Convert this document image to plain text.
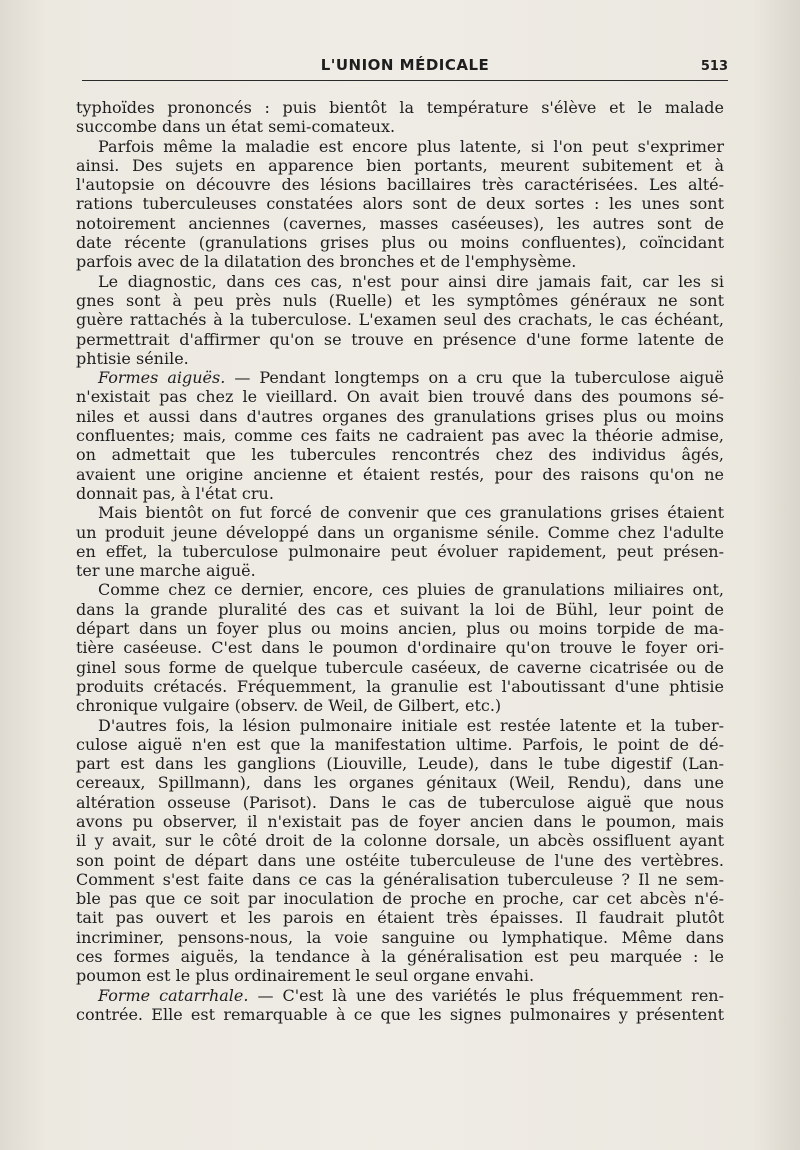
L'UNION MÉDICALE	513
typhoïdes prononcés : puis bientôt la température s'élève et le malade
succombe dans un état semi-comateux.
Parfois même la maladie est encore plus latente, si l'on peut s'exprimer
ainsi. Des sujets en apparence bien portants, meurent subitement et à
l'autopsie on découvre des lésions bacillaires très caractérisées. Les alté-
rations tuberculeuses constatées alors sont de deux sortes : les unes sont
notoirement anciennes (cavernes, masses caséeuses), les autres sont de
date récente (granulations grises plus ou moins confluentes), coïncidant
parfois avec de la dilatation des bronches et de l'emphysème.
Le diagnostic, dans ces cas, n'est pour ainsi dire jamais fait, car les si
gnes sont à peu près nuls (Ruelle) et les symptômes généraux ne sont
guère rattachés à la tuberculose. L'examen seul des crachats, le cas échéant,
permettrait d'affirmer qu'on se trouve en présence d'une forme latente de
phtisie sénile.
Formes aiguës. — Pendant longtemps on a cru que la tuberculose aiguë
n'existait pas chez le vieillard. On avait bien trouvé dans des poumons sé-
niles et aussi dans d'autres organes des granulations grises plus ou moins
confluentes; mais, comme ces faits ne cadraient pas avec la théorie admise,
on admettait que les tubercules rencontrés chez des individus âgés,
avaient une origine ancienne et étaient restés, pour des raisons qu'on ne
donnait pas, à l'état cru.
Mais bientôt on fut forcé de convenir que ces granulations grises étaient
un produit jeune développé dans un organisme sénile. Comme chez l'adulte
en effet, la tuberculose pulmonaire peut évoluer rapidement, peut présen-
ter une marche aiguë.
Comme chez ce dernier, encore, ces pluies de granulations miliaires ont,
dans la grande pluralité des cas et suivant la loi de Bühl, leur point de
départ dans un foyer plus ou moins ancien, plus ou moins torpide de ma-
tière caséeuse. C'est dans le poumon d'ordinaire qu'on trouve le foyer ori-
ginel sous forme de quelque tubercule caséeux, de caverne cicatrisée ou de
produits crétacés. Fréquemment, la granulie est l'aboutissant d'une phtisie
chronique vulgaire (observ. de Weil, de Gilbert, etc.)
D'autres fois, la lésion pulmonaire initiale est restée latente et la tuber-
culose aiguë n'en est que la manifestation ultime. Parfois, le point de dé-
part est dans les ganglions (Liouville, Leude), dans le tube digestif (Lan-
cereaux, Spillmann), dans les organes génitaux (Weil, Rendu), dans une
altération osseuse (Parisot). Dans le cas de tuberculose aiguë que nous
avons pu observer, il n'existait pas de foyer ancien dans le poumon, mais
il y avait, sur le côté droit de la colonne dorsale, un abcès ossifluent ayant
son point de départ dans une ostéite tuberculeuse de l'une des vertèbres.
Comment s'est faite dans ce cas la généralisation tuberculeuse ? Il ne sem-
ble pas que ce soit par inoculation de proche en proche, car cet abcès n'é-
tait pas ouvert et les parois en étaient très épaisses. Il faudrait plutôt
incriminer, pensons-nous, la voie sanguine ou lymphatique. Même dans
ces formes aiguës, la tendance à la généralisation est peu marquée : le
poumon est le plus ordinairement le seul organe envahi.
Forme catarrhale. — C'est là une des variétés le plus fréquemment ren-
contrée. Elle est remarquable à ce que les signes pulmonaires y présentent
